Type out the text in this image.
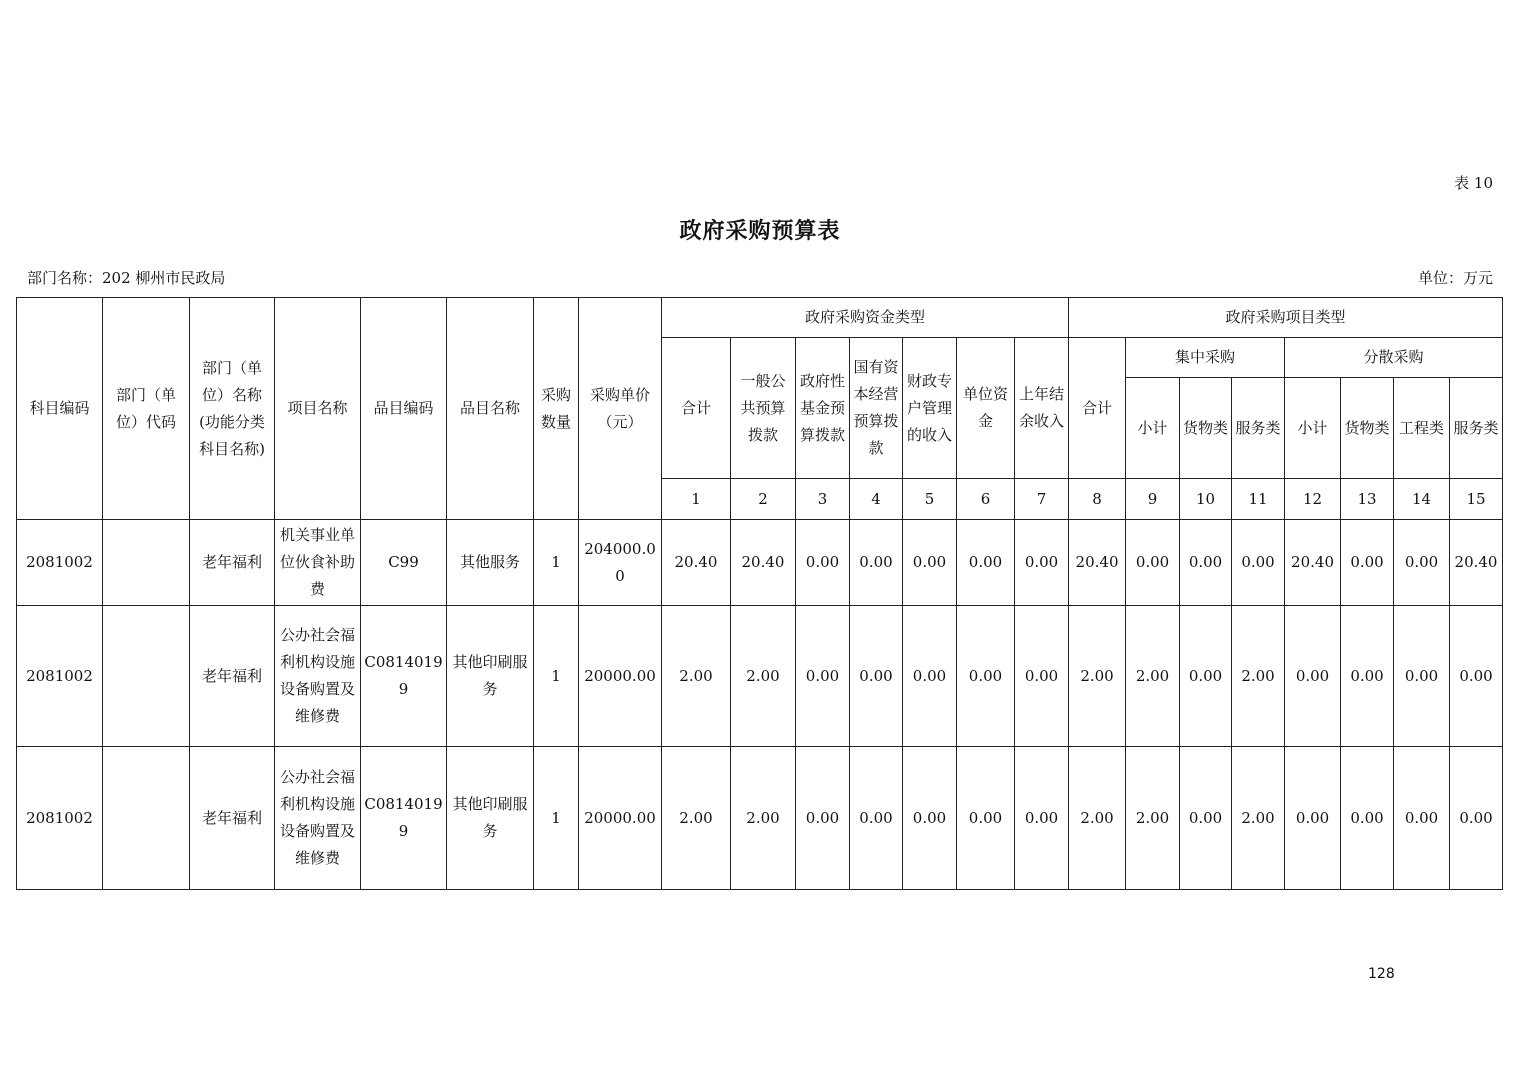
表 10
政府采购预算表
部门名称：202 柳州市民政局	单位：万元
科目编码	部门（单位）代码	部门（单位）名称(功能分类科目名称)	项目名称	品目编码	品目名称	采购数量	采购单价（元）	政府采购资金类型							政府采购项目类型							
								合计	一般公共预算拨款	政府性基金预算拨款	国有资本经营预算拨款	财政专户管理的收入	单位资金	上年结余收入	合计	集中采购			分散采购			
																小计	货物类	服务类	小计	货物类	工程类	服务类
								1	2	3	4	5	6	7	8	9	10	11	12	13	14	15
2081002		老年福利	机关事业单位伙食补助费	C99	其他服务	1	204000.00	20.40	20.40	0.00	0.00	0.00	0.00	0.00	20.40	0.00	0.00	0.00	20.40	0.00	0.00	20.40
2081002		老年福利	公办社会福利机构设施设备购置及维修费	C08140199	其他印刷服务	1	20000.00	2.00	2.00	0.00	0.00	0.00	0.00	0.00	2.00	2.00	0.00	2.00	0.00	0.00	0.00	0.00
2081002		老年福利	公办社会福利机构设施设备购置及维修费	C08140199	其他印刷服务	1	20000.00	2.00	2.00	0.00	0.00	0.00	0.00	0.00	2.00	2.00	0.00	2.00	0.00	0.00	0.00	0.00
128
